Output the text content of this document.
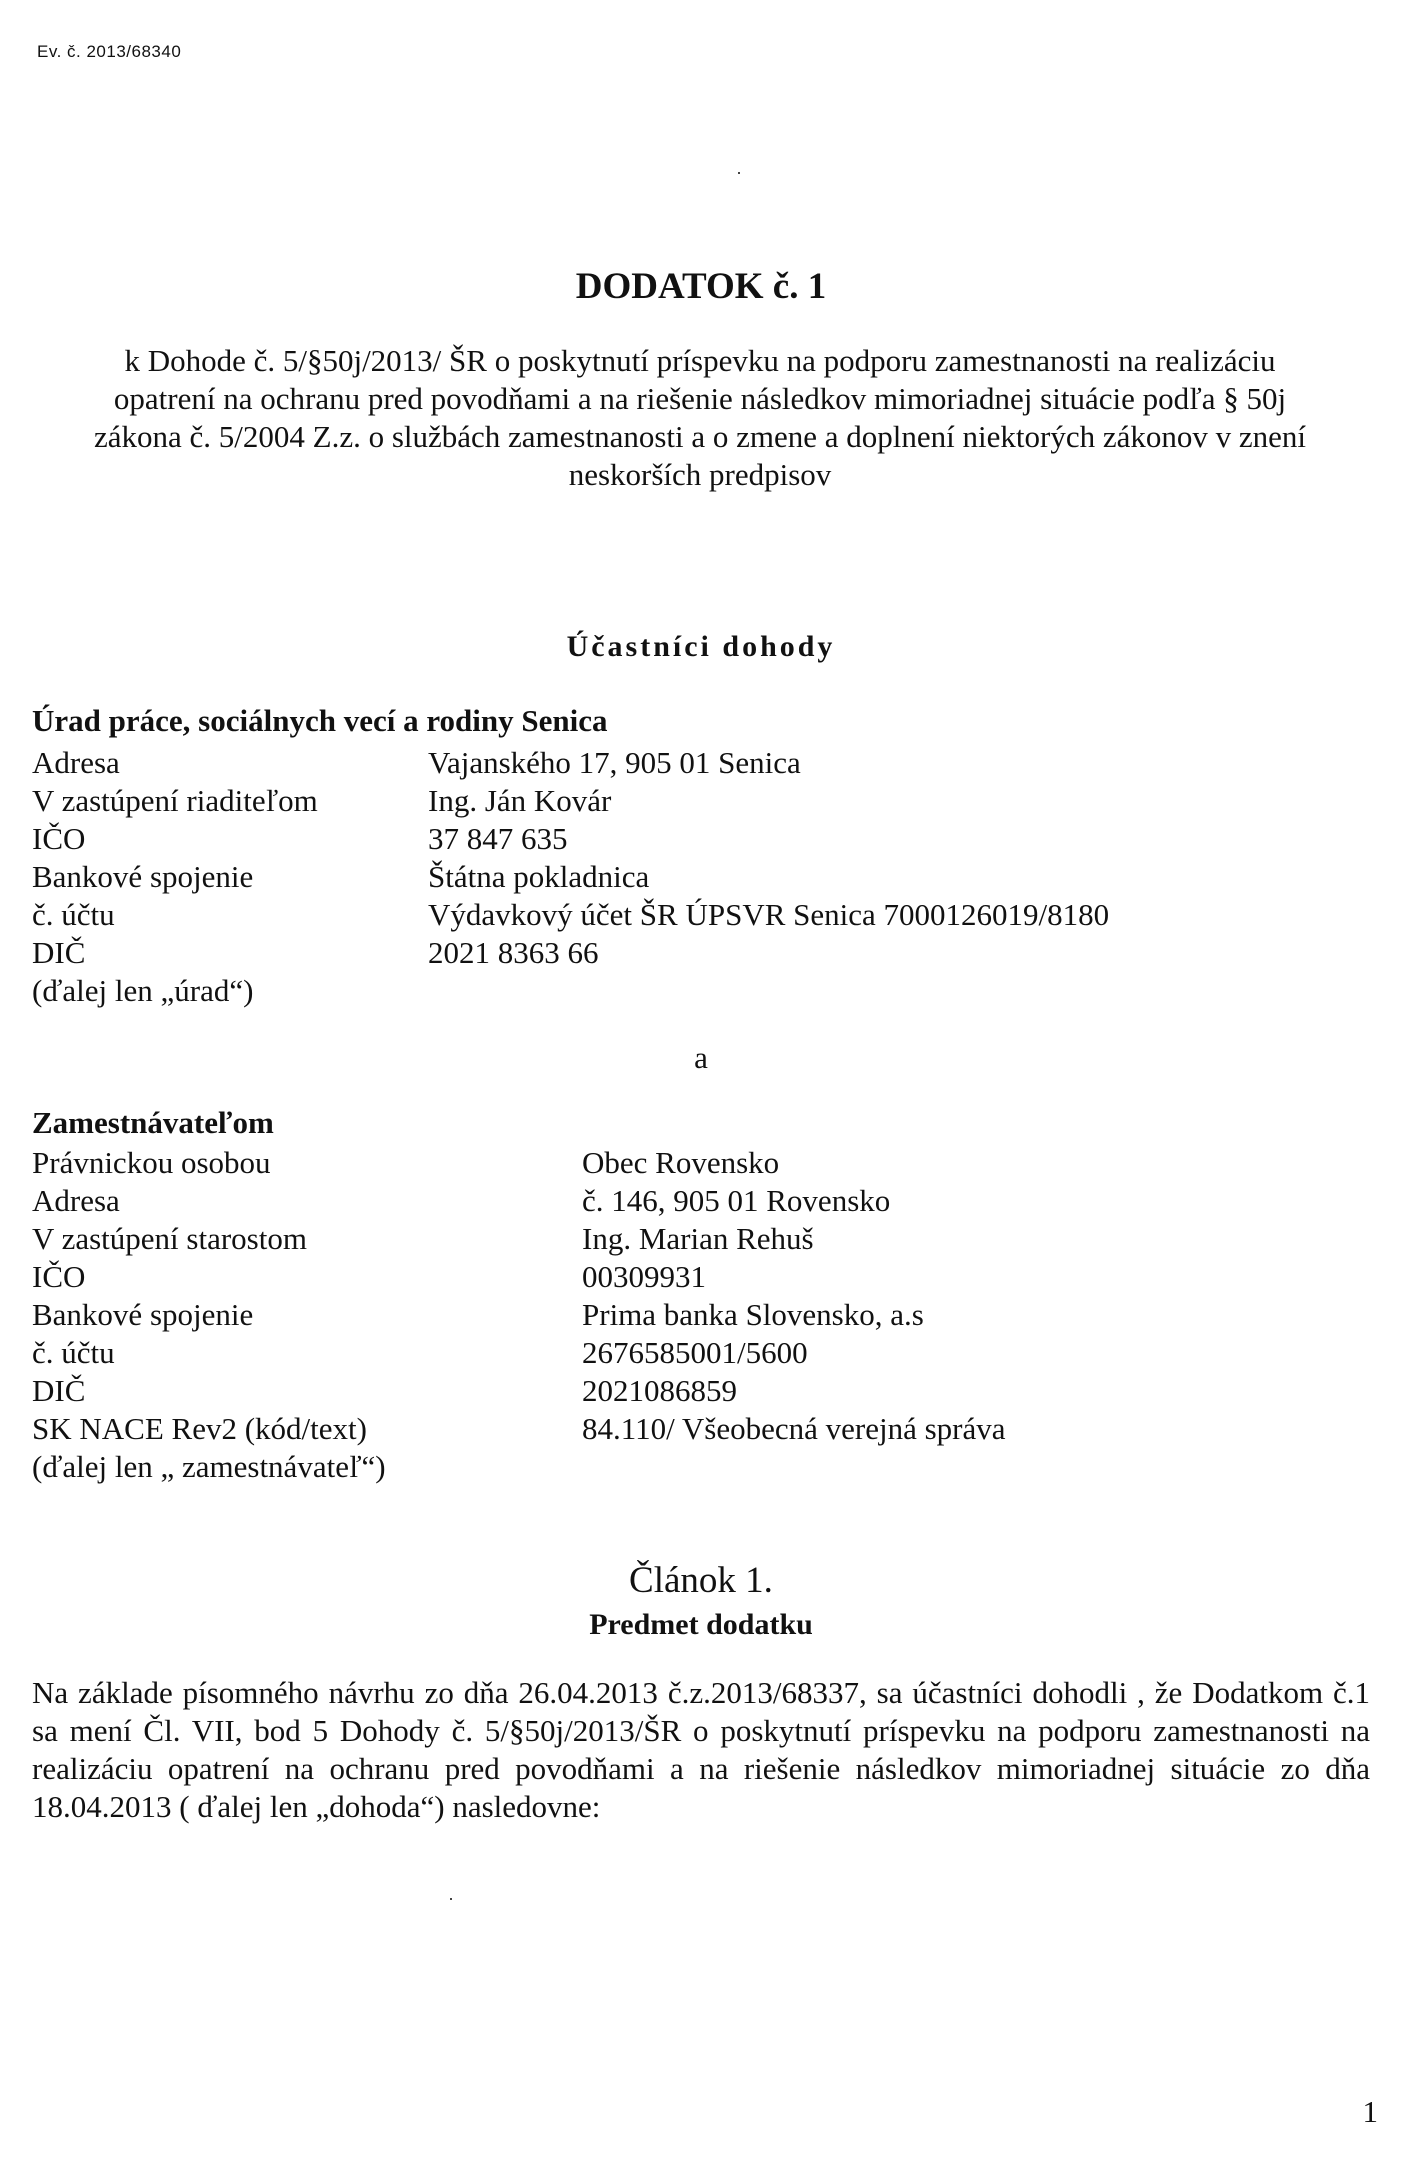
Ev. č. 2013/68340
DODATOK č. 1

k Dohode č. 5/§50j/2013/ ŠR o poskytnutí príspevku na podporu zamestnanosti na realizáciu

opatrení na ochranu pred povodňami a na riešenie následkov mimoriadnej situácie podľa § 50j

zákona č. 5/2004 Z.z. o službách zamestnanosti a o zmene a doplnení niektorých zákonov v znení

neskorších predpisov

Účastníci dohody
Úrad práce, sociálnych vecí a rodiny Senica
Adresa	Vajanského 17, 905 01 Senica
V zastúpení riaditeľom	Ing. Ján Kovár
IČO	37 847 635
Bankové spojenie	Štátna pokladnica
č. účtu	Výdavkový účet ŠR ÚPSVR Senica 7000126019/8180
DIČ	2021 8363 66
(ďalej len „úrad“)
a
Zamestnávateľom
Právnickou osobou	Obec Rovensko
Adresa	č. 146, 905 01 Rovensko
V zastúpení starostom	Ing. Marian Rehuš
IČO	00309931
Bankové spojenie	Prima banka Slovensko, a.s
č. účtu	2676585001/5600
DIČ	2021086859
SK NACE Rev2 (kód/text)	84.110/ Všeobecná verejná správa
(ďalej len „ zamestnávateľ“)
Článok 1.
Predmet dodatku

Na základe písomného návrhu zo dňa 26.04.2013 č.z.2013/68337, sa účastníci dohodli , že Dodatkom č.1 sa mení Čl. VII, bod 5 Dohody č. 5/§50j/2013/ŠR o poskytnutí príspevku na podporu zamestnanosti na realizáciu opatrení na ochranu pred povodňami a na riešenie následkov mimoriadnej situácie zo dňa 18.04.2013 ( ďalej len „dohoda“) nasledovne:

1
